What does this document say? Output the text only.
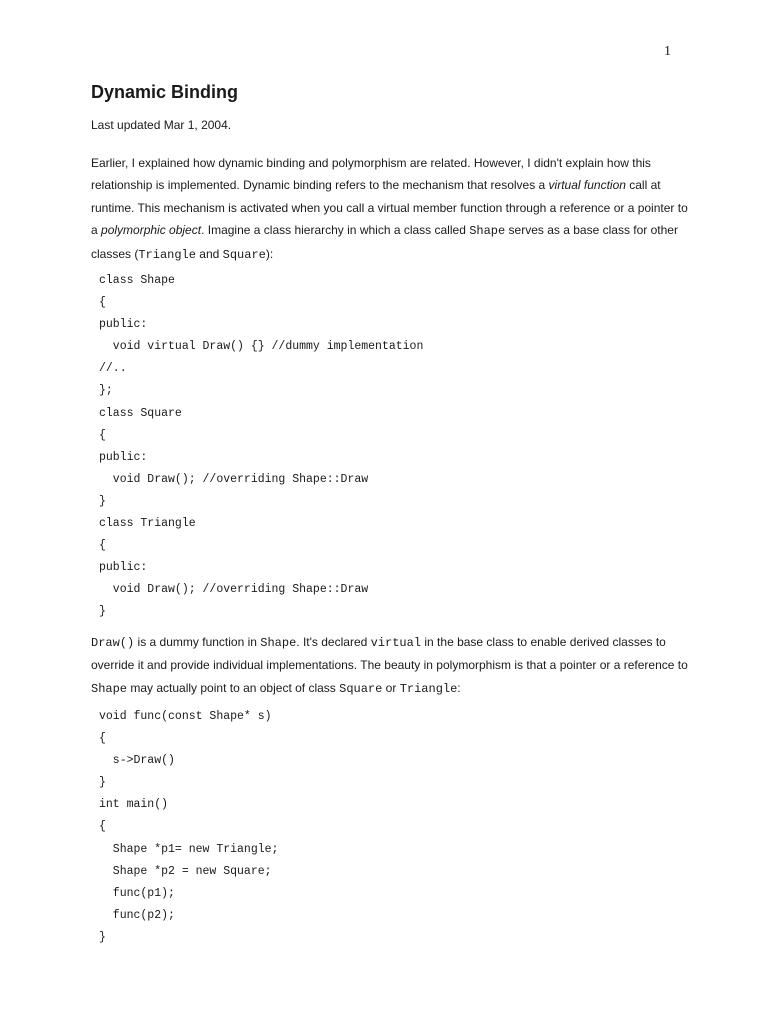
1
Dynamic Binding
Last updated Mar 1, 2004.

Earlier, I explained how dynamic binding and polymorphism are related. However, I didn't explain how this relationship is implemented. Dynamic binding refers to the mechanism that resolves a virtual function call at runtime. This mechanism is activated when you call a virtual member function through a reference or a pointer to a polymorphic object. Imagine a class hierarchy in which a class called Shape serves as a base class for other classes (Triangle and Square):

class Shape
{
public:
void virtual Draw() {} //dummy implementation
//..
};
class Square
{
public:
void Draw(); //overriding Shape::Draw
}
class Triangle
{
public:
void Draw(); //overriding Shape::Draw
}

Draw() is a dummy function in Shape. It's declared virtual in the base class to enable derived classes to override it and provide individual implementations. The beauty in polymorphism is that a pointer or a reference to Shape may actually point to an object of class Square or Triangle:

void func(const Shape* s)
{
s->Draw()
}
int main()
{
Shape *p1= new Triangle;
Shape *p2 = new Square;
func(p1);
func(p2);
}
